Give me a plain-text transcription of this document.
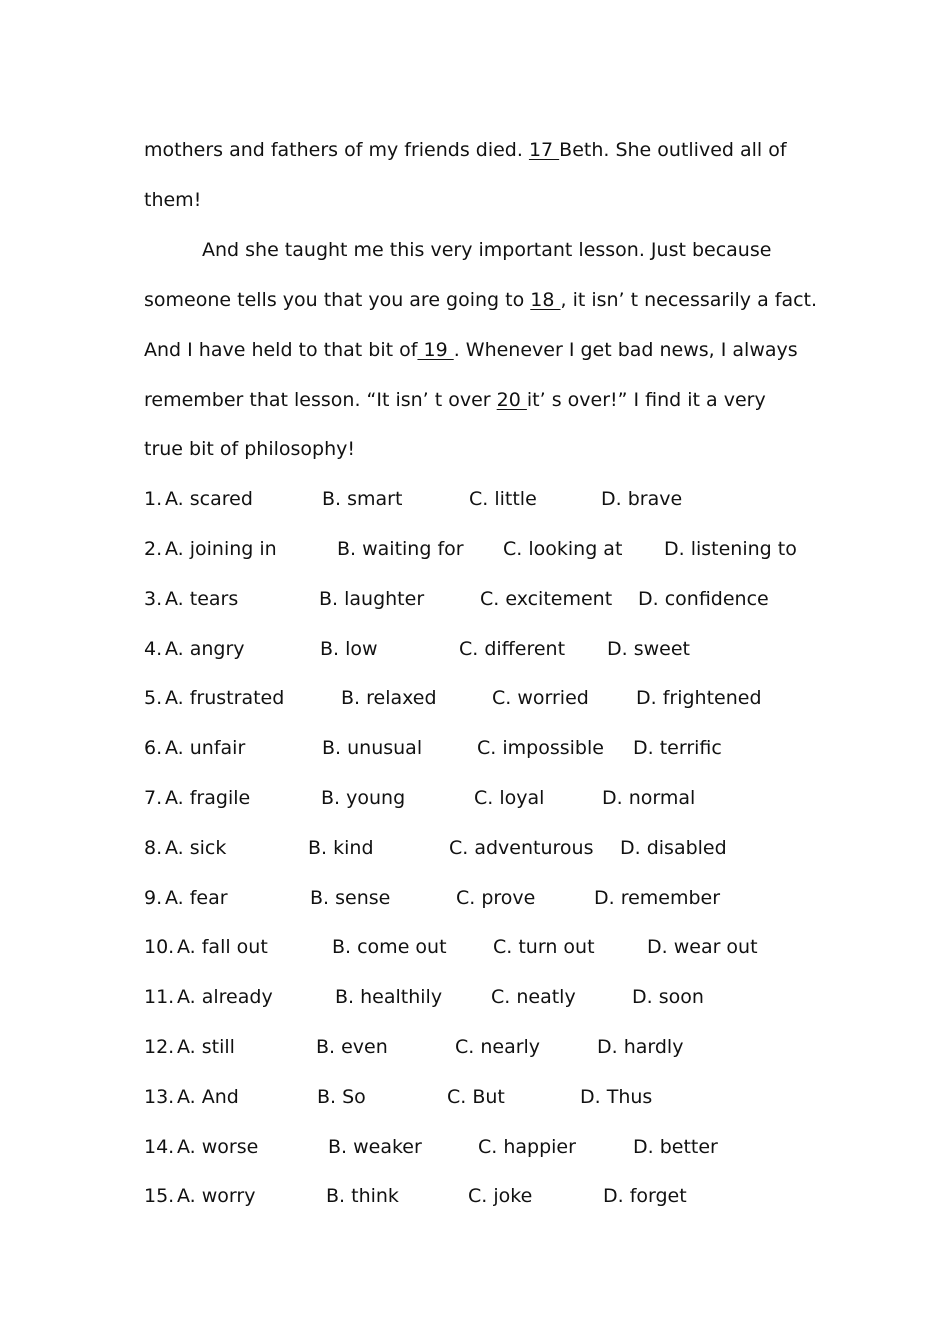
mothers and fathers of my friends died. 17 Beth. She outlived all of
them!
And she taught me this very important lesson. Just because
someone tells you that you are going to 18 , it isn’ t necessarily a fact.
And I have held to that bit of 19 . Whenever I get bad news, I always
remember that lesson. “It isn’ t over 20 it’ s over!” I find it a very
true bit of philosophy!
1. A. scared	B. smart	C. little	D. brave
2. A. joining in	B. waiting for C. looking at D. listening to
3. A. tears	B. laughter	C. excitement D. confidence
4. A. angry	B. low	C. different D. sweet
5. A. frustrated	B. relaxed	C. worried D. frightened
6. A. unfair	B. unusual	C. impossible D. terrific
7. A. fragile	B. young	C. loyal	D. normal
8. A. sick	B. kind	C. adventurous D. disabled
9. A. fear	B. sense	C. prove	D. remember
10. A. fall out	B. come out C. turn out	D. wear out
11. A. already	B. healthily	C. neatly	D. soon
12. A. still	B. even	C. nearly	D. hardly
13. A. And	B. So	C. But	D. Thus
14. A. worse	B. weaker	C. happier	D. better
15. A. worry	B. think	C. joke	D. forget
